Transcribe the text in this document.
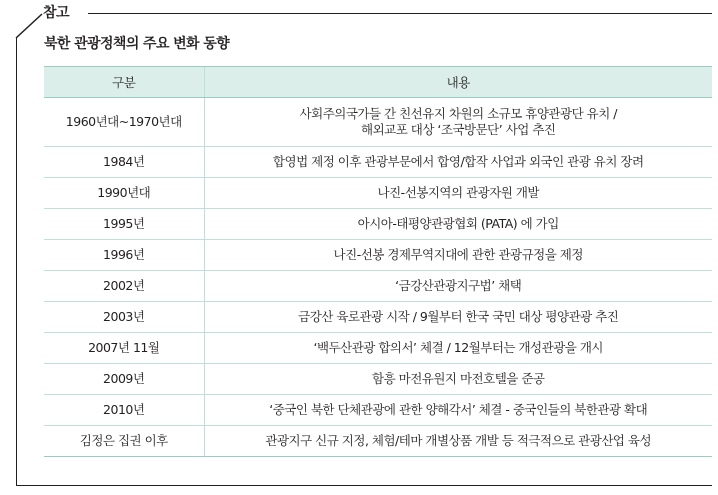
참고
북한 관광정책의 주요 변화 동향
구분	내용
1960년대~1970년대	사회주의국가들 간 친선유지 차원의 소규모 휴양관광단 유치 /
해외교포 대상 ‘조국방문단’ 사업 추진

1984년	합영법 제정 이후 관광부문에서 합영/합작 사업과 외국인 관광 유치 장려

1990년대	나진-선봉지역의 관광자원 개발

1995년	아시아-태평양관광협회 (PATA) 에 가입

1996년	나진-선봉 경제무역지대에 관한 관광규정을 제정

2002년	‘금강산관광지구법’ 채택

2003년	금강산 육로관광 시작 / 9월부터 한국 국민 대상 평양관광 추진

2007년 11월	‘백두산관광 합의서’ 체결 / 12월부터는 개성관광을 개시

2009년	함흥 마전유원지 마전호텔을 준공

2010년	‘중국인 북한 단체관광에 관한 양해각서’ 체결 - 중국인들의 북한관광 확대

김정은 집권 이후	관광지구 신규 지정, 체험/테마 개별상품 개발 등 적극적으로 관광산업 육성
